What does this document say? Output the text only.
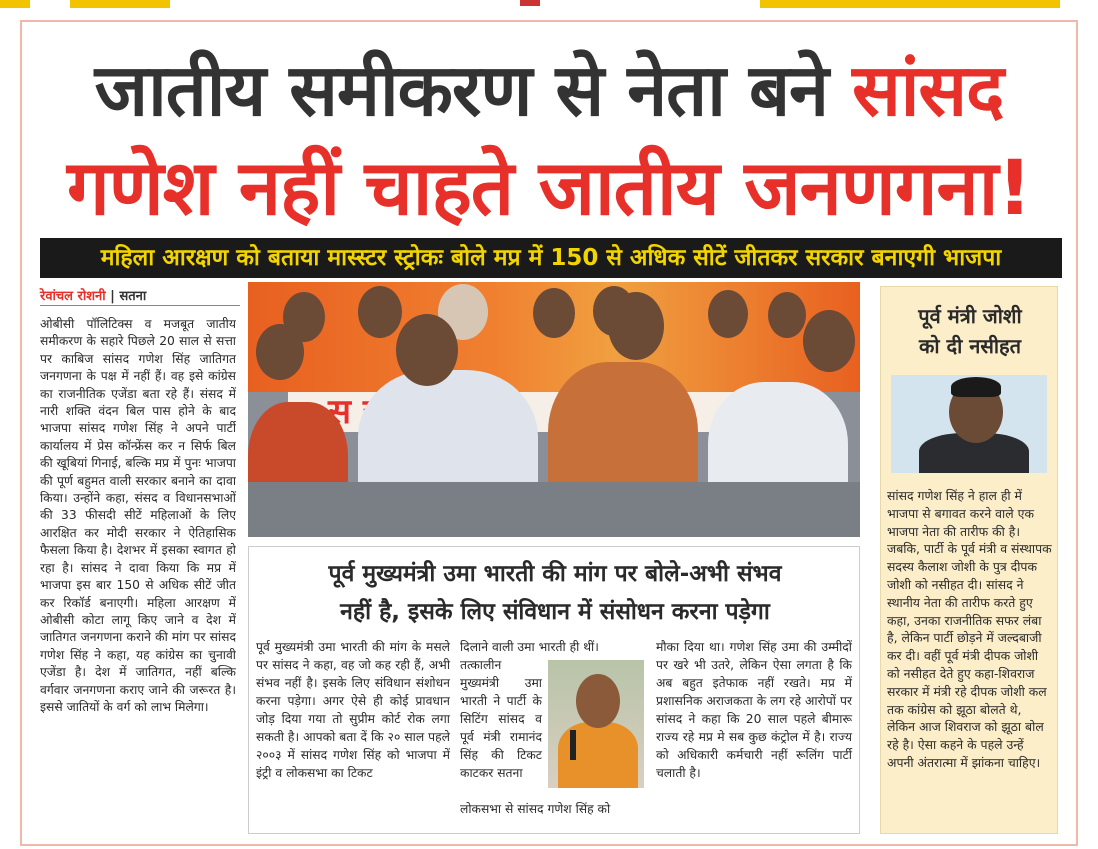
जातीय समीकरण से नेता बने सांसद
गणेश नहीं चाहते जातीय जनणगना!
महिला आरक्षण को बताया मास्स्टर स्ट्रोकः बोले मप्र में 150 से अधिक सीटें जीतकर सरकार बनाएगी भाजपा
रेवांचल रोशनी | सतना
ओबीसी पॉलिटिक्स व मजबूत जातीय समीकरण के सहारे पिछले 20 साल से सत्ता पर काबिज सांसद गणेश सिंह जातिगत जनगणना के पक्ष में नहीं हैं। वह इसे कांग्रेस का राजनीतिक एजेंडा बता रहे हैं। संसद में नारी शक्ति वंदन बिल पास होने के बाद भाजपा सांसद गणेश सिंह ने अपने पार्टी कार्यालय में प्रेस कॉन्फ्रेंस कर न सिर्फ बिल की खूबियां गिनाई, बल्कि मप्र में पुनः भाजपा की पूर्ण बहुमत वाली सरकार बनाने का दावा किया। उन्होंने कहा, संसद व विधानसभाओं की 33 फीसदी सीटें महिलाओं के लिए आरक्षित कर मोदी सरकार ने ऐतिहासिक फैसला किया है। देशभर में इसका स्वागत हो रहा है। सांसद ने दावा किया कि मप्र में भाजपा इस बार 150 से अधिक सीटें जीत कर रिकॉर्ड बनाएगी। महिला आरक्षण में ओबीसी कोटा लागू किए जाने व देश में जातिगत जनगणना कराने की मांग पर सांसद गणेश सिंह ने कहा, यह कांग्रेस का चुनावी एजेंडा है। देश में जातिगत, नहीं बल्कि वर्गवार जनगणना कराए जाने की जरूरत है। इससे जातियों के वर्ग को लाभ मिलेगा।
स
पूर्व मंत्री जोशी
को दी नसीहत
सांसद गणेश सिंह ने हाल ही में भाजपा से बगावत करने वाले एक भाजपा नेता की तारीफ की है। जबकि, पार्टी के पूर्व मंत्री व संस्थापक सदस्य कैलाश जोशी के पुत्र दीपक जोशी को नसीहत दी। सांसद ने स्थानीय नेता की तारीफ करते हुए कहा, उनका राजनीतिक सफर लंबा है, लेकिन पार्टी छोड़ने में जल्दबाजी कर दी। वहीं पूर्व मंत्री दीपक जोशी को नसीहत देते हुए कहा-शिवराज सरकार में मंत्री रहे दीपक जोशी कल तक कांग्रेस को झूठा बोलते थे, लेकिन आज शिवराज को झूठा बोल रहे है। ऐसा कहने के पहले उन्हें अपनी अंतरात्मा में झांकना चाहिए।
पूर्व मुख्यमंत्री उमा भारती की मांग पर बोले-अभी संभव
नहीं है, इसके लिए संविधान में संसोधन करना पड़ेगा
पूर्व मुख्यमंत्री उमा भारती की मांग के मसले पर सांसद ने कहा, वह जो कह रही हैं, अभी संभव नहीं है। इसके लिए संविधान संशोधन करना पड़ेगा। अगर ऐसे ही कोई प्रावधान जोड़ दिया गया तो सुप्रीम कोर्ट रोक लगा सकती है। आपको बता दें कि २० साल पहले २००३ में सांसद गणेश सिंह को भाजपा में इंट्री व लोकसभा का टिकट
दिलाने वाली उमा भारती ही थीं।
तत्कालीन मुख्यमंत्री उमा भारती ने पार्टी के सिटिंग सांसद व पूर्व मंत्री रामानंद सिंह की टिकट काटकर सतना
लोकसभा से सांसद गणेश सिंह को
मौका दिया था। गणेश सिंह उमा की उम्मीदों पर खरे भी उतरे, लेकिन ऐसा लगता है कि अब बहुत इतेफाक नहीं रखते। मप्र में प्रशासनिक अराजकता के लग रहे आरोपों पर सांसद ने कहा कि 20 साल पहले बीमारू राज्य रहे मप्र मे सब कुछ कंट्रोल में है। राज्य को अधिकारी कर्मचारी नहीं रूलिंग पार्टी चलाती है।
